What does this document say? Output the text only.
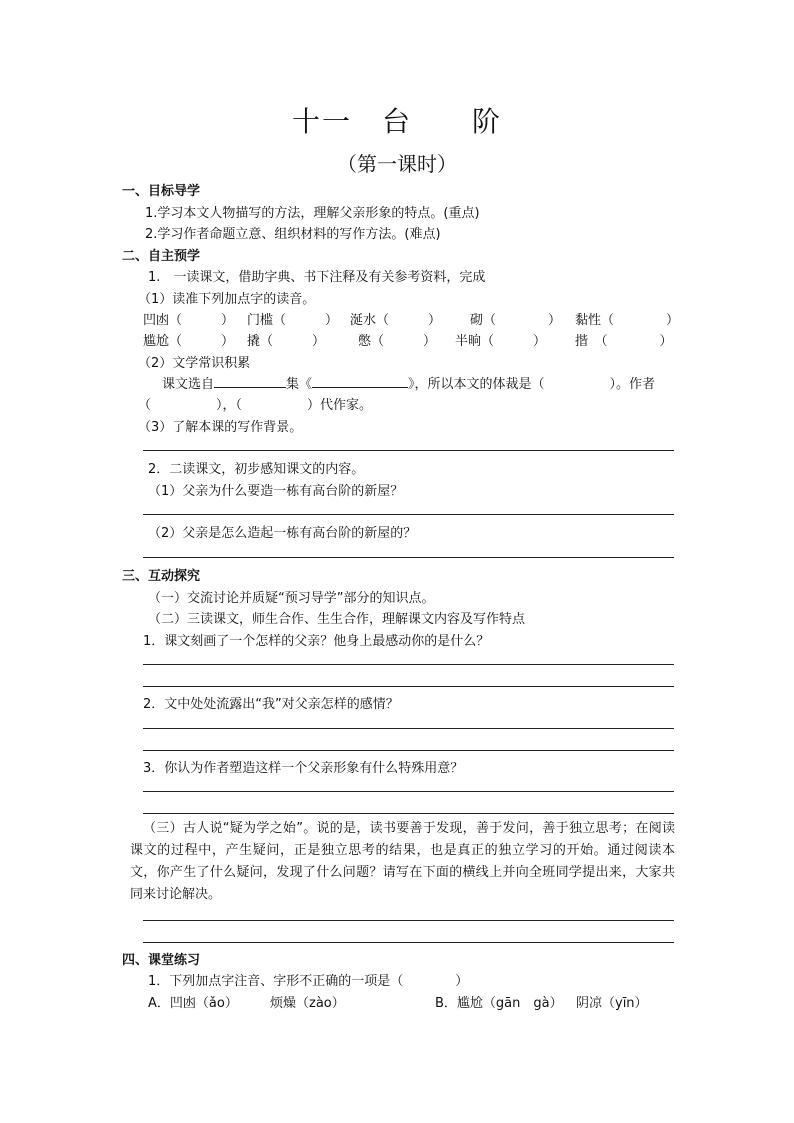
十一　台　　阶
（第一课时）
一、目标导学
1.学习本文人物描写的方法，理解父亲形象的特点。(重点)
2.学习作者命题立意、组织材料的写作方法。(难点)
二、自主预学
1.　一读课文，借助字典、书下注释及有关参考资料，完成
（1）读准下列加点字的读音。
凹凼（　　　） 门槛（　　　） 涎水（　　　） 砌（　　　　） 黏性（　　　　）
尴尬（　　　） 撬（　　　）	憋（　　　） 半晌（　　　） 揩　（　　　　）
（2）文学常识积累
课文选自	集《	》，所以本文的体裁是（　　　　　）。作者
（　　　　　），（　　　　　）代作家。
（3）了解本课的写作背景。
2．二读课文，初步感知课文的内容。
（1）父亲为什么要造一栋有高台阶的新屋？
（2）父亲是怎么造起一栋有高台阶的新屋的？
三、互动探究
（一）交流讨论并质疑“预习导学”部分的知识点。
（二）三读课文，师生合作、生生合作，理解课文内容及写作特点
1．课文刻画了一个怎样的父亲？他身上最感动你的是什么？
2．文中处处流露出“我”对父亲怎样的感情？
3．你认为作者塑造这样一个父亲形象有什么特殊用意？
（三）古人说“疑为学之始”。说的是，读书要善于发现，善于发问，善于独立思考；在阅读课文的过程中，产生疑问，正是独立思考的结果，也是真正的独立学习的开始。通过阅读本文，你产生了什么疑问，发现了什么问题？请写在下面的横线上并向全班同学提出来，大家共同来讨论解决。
四、课堂练习
1．下列加点字注音、字形不正确的一项是（　　　　）
A．凹凼（ǎo） 烦燥（zào）	B．尴尬（gān　gà） 阴凉（yīn）
